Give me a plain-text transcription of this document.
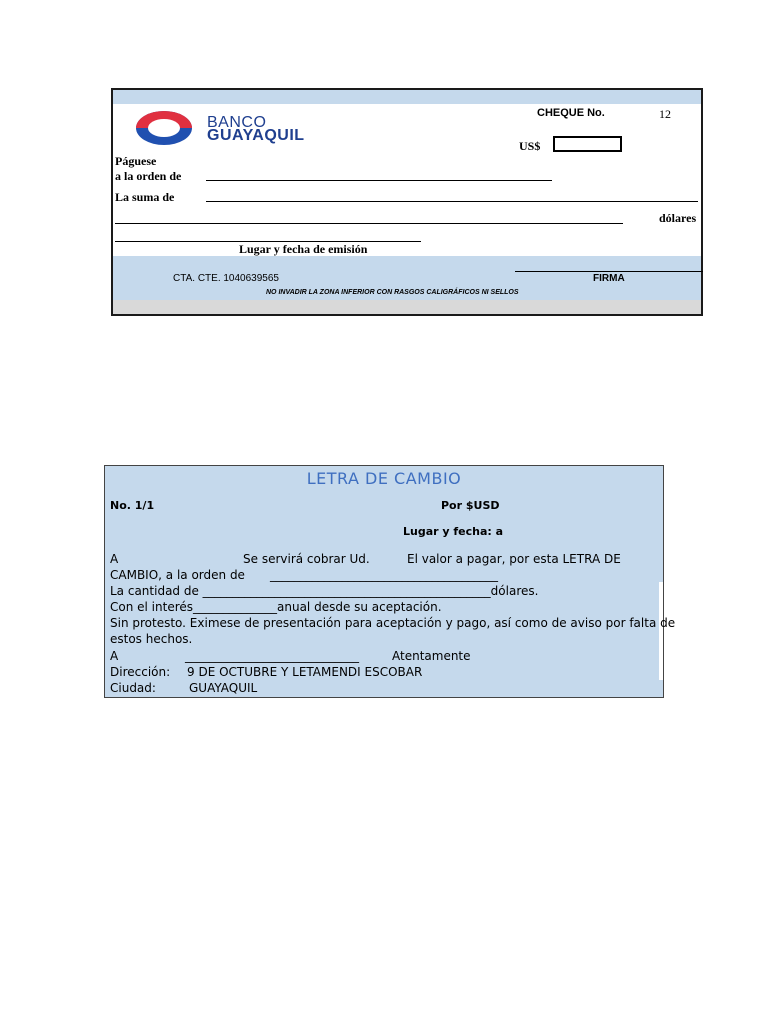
BANCO
GUAYAQUIL
CHEQUE No.	12
US$
Páguese
a la orden de
La suma de
dólares
Lugar y fecha de emisión
CTA. CTE. 1040639565	FIRMA
NO INVADIR LA ZONA INFERIOR CON RASGOS CALIGRÁFICOS NI SELLOS
LETRA DE CAMBIO
No. 1/1	Por $USD
Lugar y fecha: a
A	Se servirá cobrar Ud.	El valor a pagar, por esta LETRA DE
CAMBIO, a la orden de ______________________________________
La cantidad de ________________________________________________dólares.
Con el interés______________anual desde su aceptación.
Sin protesto. Eximese de presentación para aceptación y pago, así como de aviso por falta de
estos hechos.
A	_____________________________	Atentamente
Dirección: 9 DE OCTUBRE Y LETAMENDI ESCOBAR
Ciudad:	GUAYAQUIL
